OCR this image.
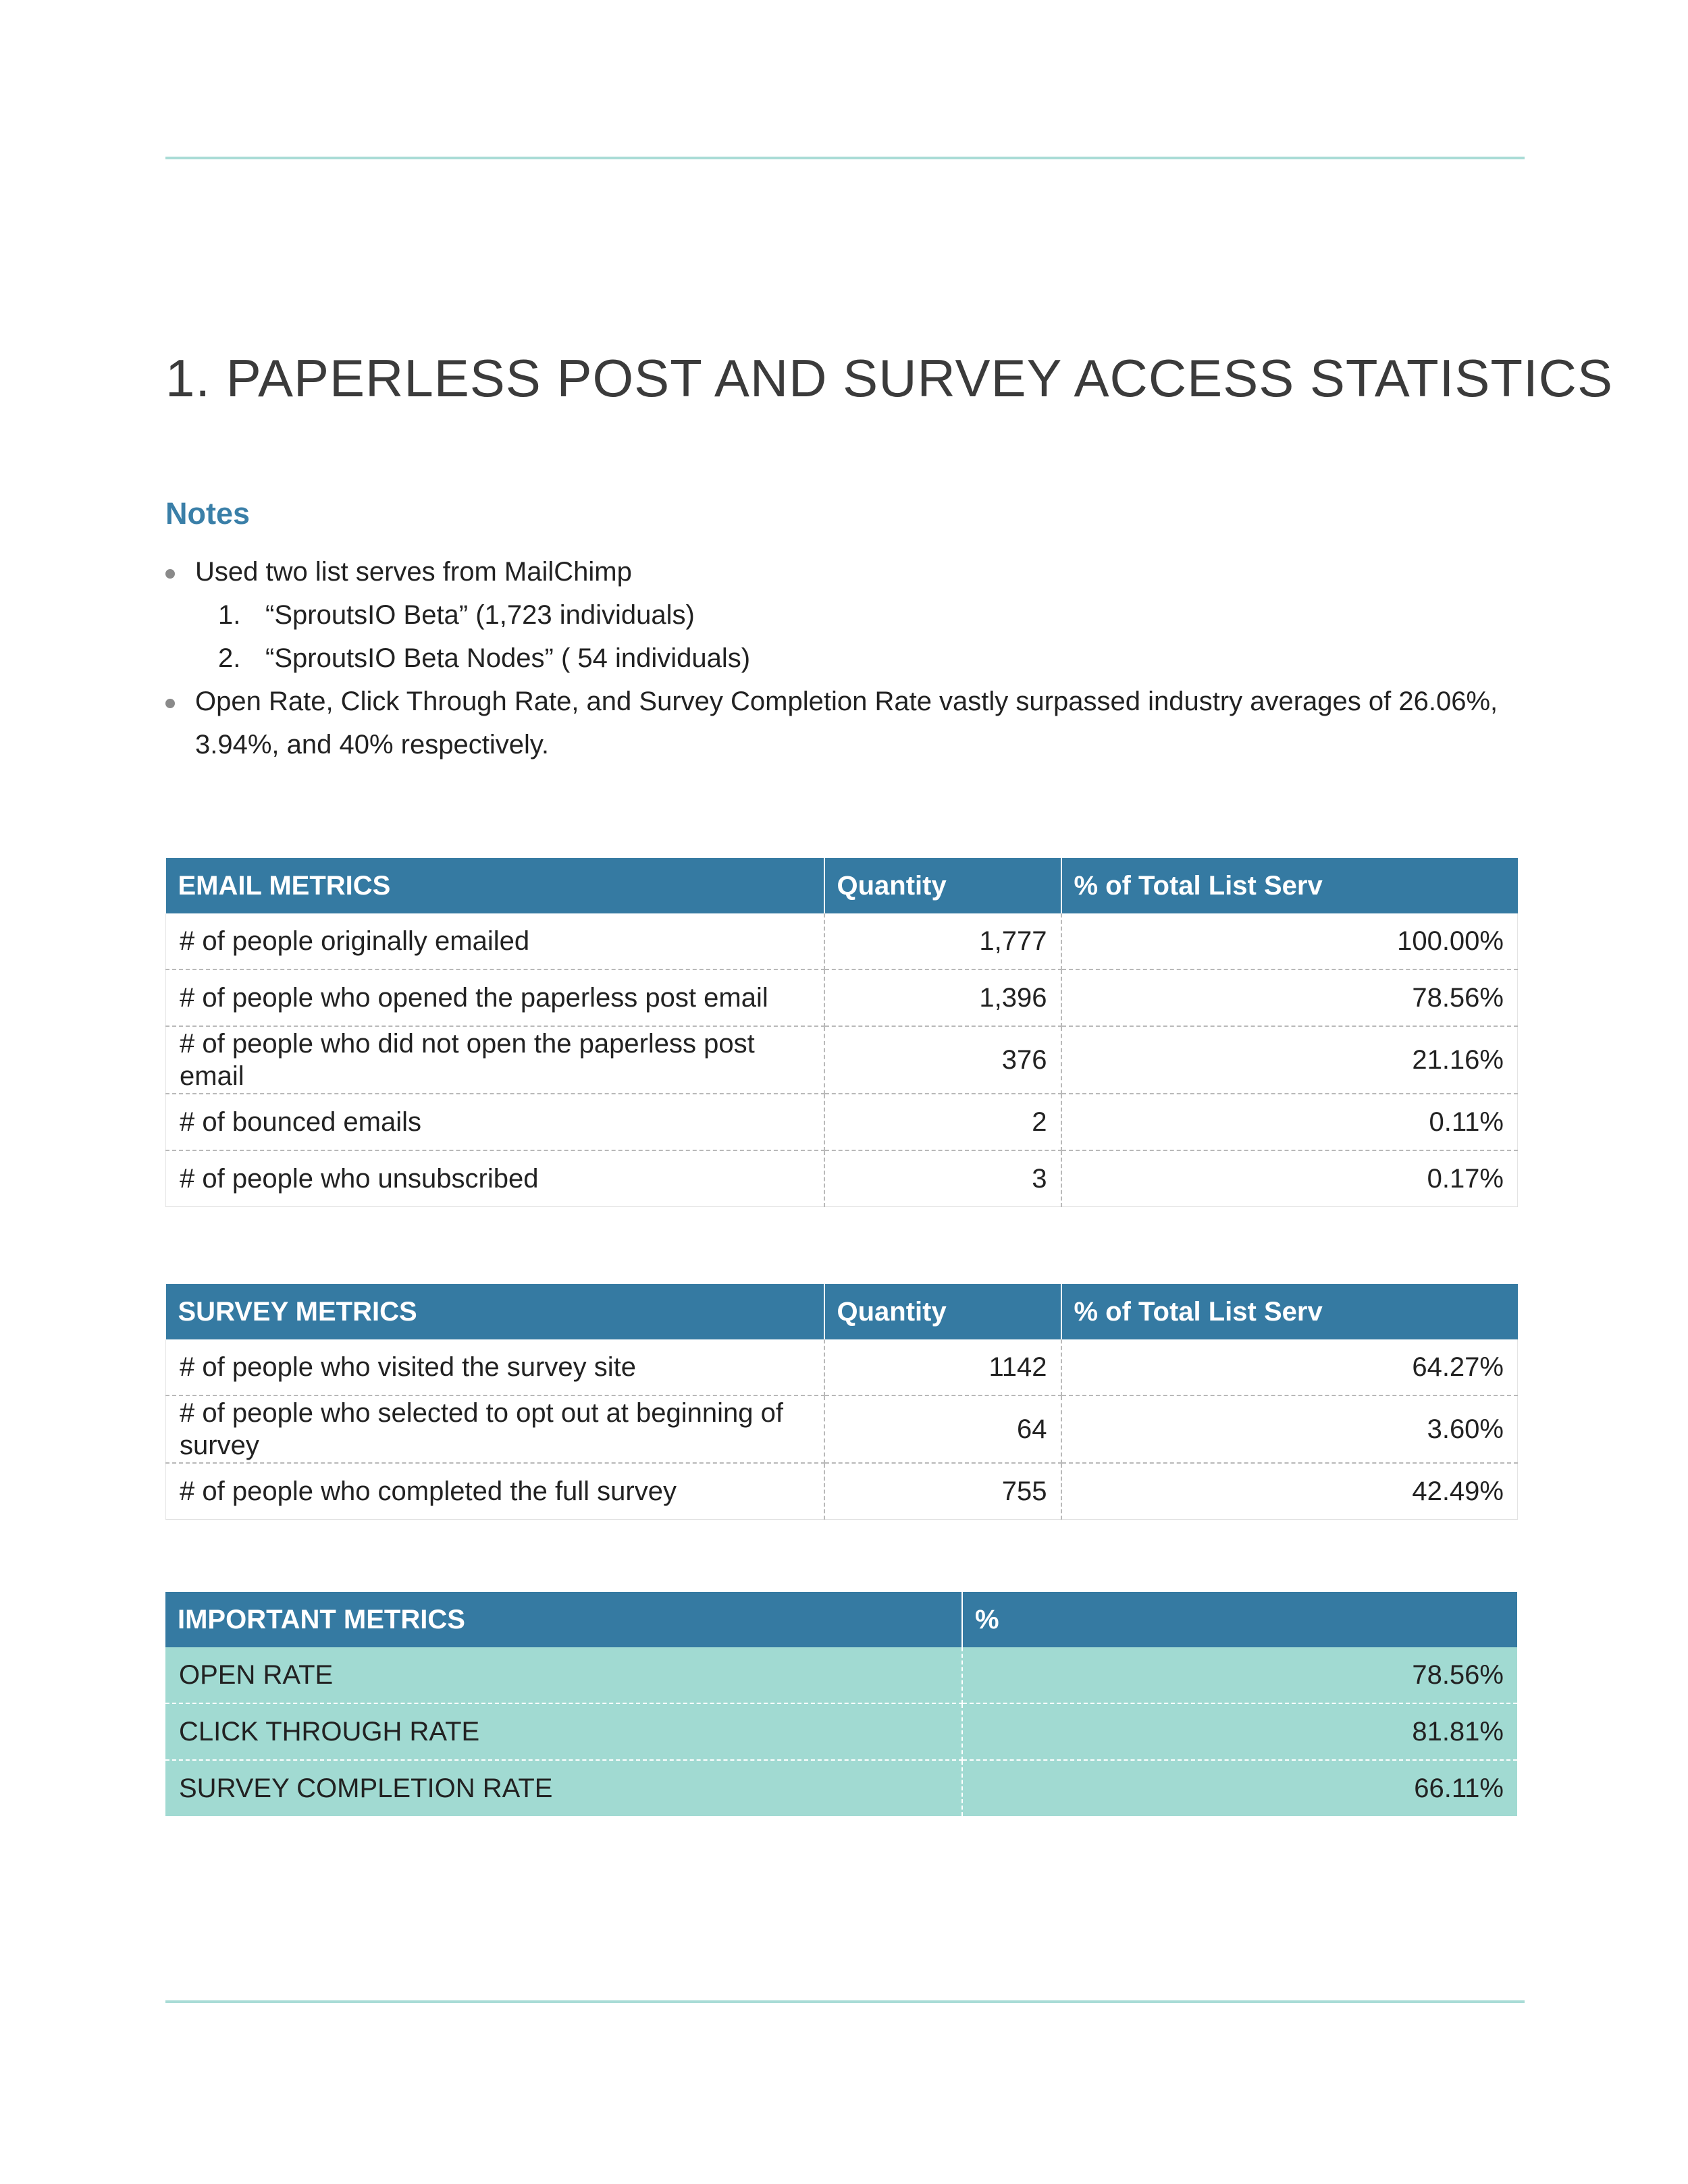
1. PAPERLESS POST AND SURVEY ACCESS STATISTICS
Notes
Used two list serves from MailChimp
1. “SproutsIO Beta” (1,723 individuals)
2. “SproutsIO Beta Nodes” ( 54 individuals)
Open Rate, Click Through Rate, and Survey Completion Rate vastly surpassed industry averages of 26.06%,
3.94%, and 40% respectively.
EMAIL METRICS	Quantity	% of Total List Serv
# of people originally emailed	1,777	100.00%
# of people who opened the paperless post email	1,396	78.56%
# of people who did not open the paperless post email	376	21.16%
# of bounced emails	2	0.11%
# of people who unsubscribed	3	0.17%
SURVEY METRICS	Quantity	% of Total List Serv
# of people who visited the survey site	1142	64.27%
# of people who selected to opt out at beginning of survey	64	3.60%
# of people who completed the full survey	755	42.49%
IMPORTANT METRICS	%
OPEN RATE	78.56%
CLICK THROUGH RATE	81.81%
SURVEY COMPLETION RATE	66.11%
